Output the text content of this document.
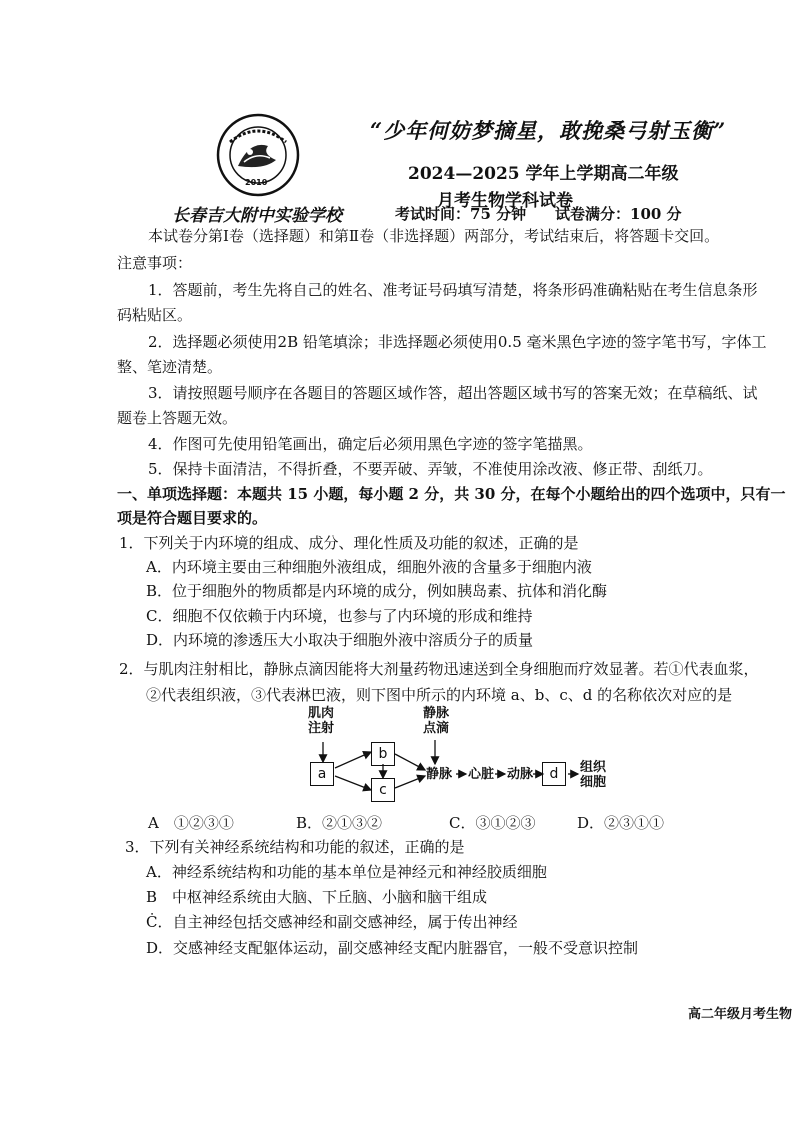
2010
“少年何妨梦摘星，敢挽桑弓射玉衡”
2024—2025 学年上学期高二年级
月考生物学科试卷
长春吉大附中实验学校	考试时间：75 分钟 试卷满分：100 分
本试卷分第Ⅰ卷（选择题）和第Ⅱ卷（非选择题）两部分，考试结束后，将答题卡交回。
注意事项：
1．答题前，考生先将自己的姓名、准考证号码填写清楚，将条形码准确粘贴在考生信息条形
码粘贴区。
2．选择题必须使用2B 铅笔填涂；非选择题必须使用0.5 毫米黑色字迹的签字笔书写，字体工
整、笔迹清楚。
3．请按照题号顺序在各题目的答题区域作答，超出答题区域书写的答案无效；在草稿纸、试
题卷上答题无效。
4．作图可先使用铅笔画出，确定后必须用黑色字迹的签字笔描黑。
5．保持卡面清洁，不得折叠，不要弄破、弄皱，不准使用涂改液、修正带、刮纸刀。
一、单项选择题：本题共 15 小题，每小题 2 分，共 30 分，在每个小题给出的四个选项中，只有一
项是符合题目要求的。
1．下列关于内环境的组成、成分、理化性质及功能的叙述，正确的是
A．内环境主要由三种细胞外液组成，细胞外液的含量多于细胞内液
B．位于细胞外的物质都是内环境的成分，例如胰岛素、抗体和消化酶
C．细胞不仅依赖于内环境，也参与了内环境的形成和维持
D．内环境的渗透压大小取决于细胞外液中溶质分子的质量
2．与肌肉注射相比，静脉点滴因能将大剂量药物迅速送到全身细胞而疗效显著。若①代表血浆，
②代表组织液，③代表淋巴液，则下图中所示的内环境 a、b、c、d 的名称依次对应的是
肌肉
注射
静脉
点滴
a
b
c
d
静脉 心脏 动脉	组织
细胞
A　①②③①	B．②①③②	C．③①②③	D．②③①①
3．下列有关神经系统结构和功能的叙述，正确的是
A．神经系统结构和功能的基本单位是神经元和神经胶质细胞
B　中枢神经系统由大脑、下丘脑、小脑和脑干组成
Ċ．自主神经包括交感神经和副交感神经，属于传出神经
D．交感神经支配躯体运动，副交感神经支配内脏器官，一般不受意识控制
高二年级月考生物
